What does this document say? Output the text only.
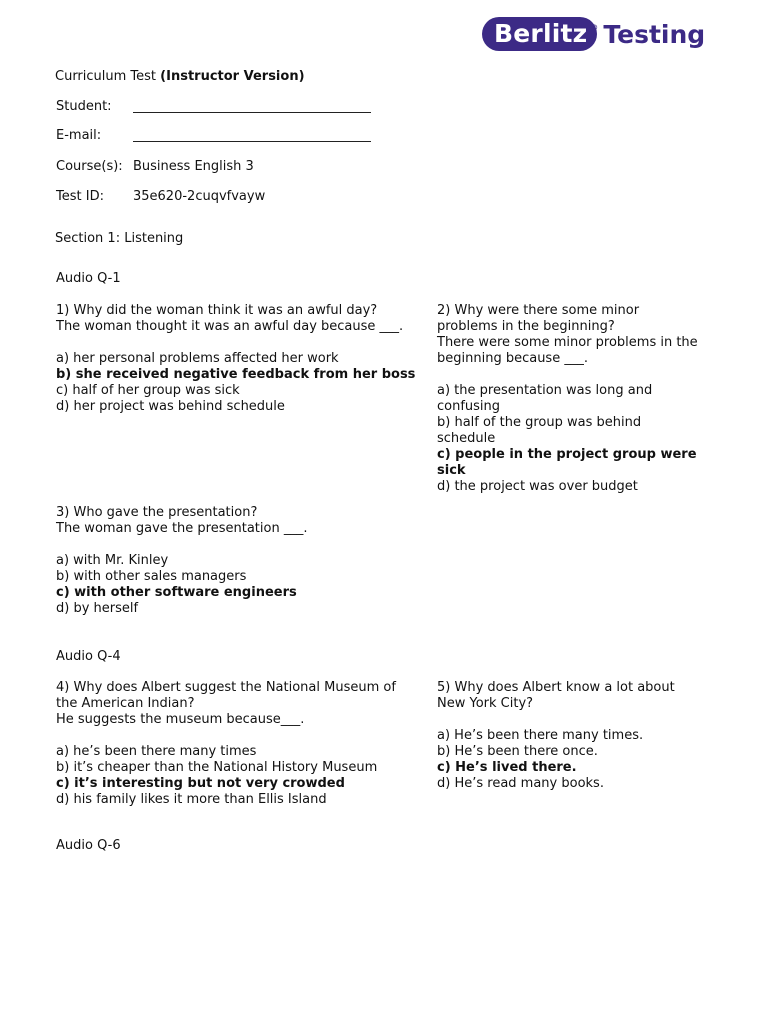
Berlitz ® Testing
Curriculum Test (Instructor Version)
Student:
E-mail:
Course(s): Business English 3
Test ID:	35e620-2cuqvfvayw
Section 1: Listening
Audio Q-1
Audio Q-4
Audio Q-6

1) Why did the woman think it was an awful day?

The woman thought it was an awful day because ___.

a) her personal problems affected her work
b) she received negative feedback from her boss
c) half of her group was sick
d) her project was behind schedule

2) Why were there some minor problems in the beginning?

There were some minor problems in the beginning because ___.

a) the presentation was long and confusing
b) half of the group was behind schedule
c) people in the project group were sick
d) the project was over budget

3) Who gave the presentation?

The woman gave the presentation ___.

a) with Mr. Kinley
b) with other sales managers
c) with other software engineers
d) by herself

4) Why does Albert suggest the National Museum of the American Indian?

He suggests the museum because___.

a) he’s been there many times
b) it’s cheaper than the National History Museum
c) it’s interesting but not very crowded
d) his family likes it more than Ellis Island

5) Why does Albert know a lot about New York City?

a) He’s been there many times.
b) He’s been there once.
c) He’s lived there.
d) He’s read many books.
